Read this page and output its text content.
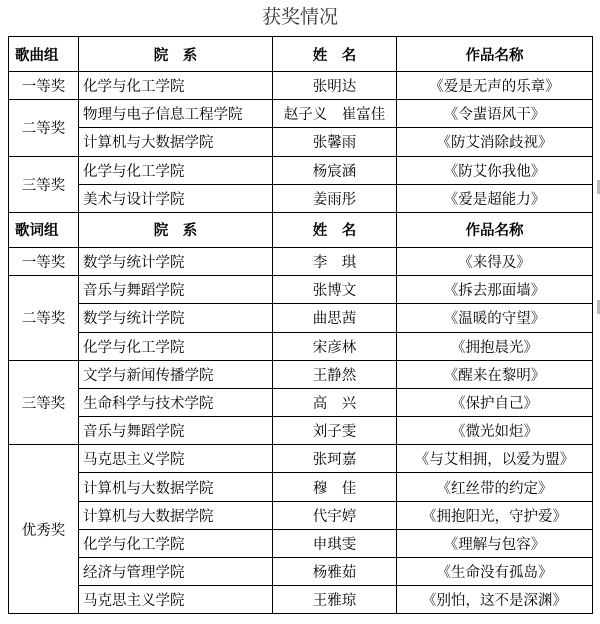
获奖情况
歌曲组	院　系	姓　名	作品名称
一等奖	化学与化工学院	张明达	《爱是无声的乐章》
二等奖	物理与电子信息工程学院	赵子义　崔富佳	《令蜚语风干》
	计算机与大数据学院	张馨雨	《防艾消除歧视》
三等奖	化学与化工学院	杨宸涵	《防艾你我他》
	美术与设计学院	姜雨彤	《爱是超能力》
歌词组	院　系	姓　名	作品名称
一等奖	数学与统计学院	李　琪	《来得及》
二等奖	音乐与舞蹈学院	张博文	《拆去那面墙》
	数学与统计学院	曲思茜	《温暖的守望》
	化学与化工学院	宋彦林	《拥抱晨光》
三等奖	文学与新闻传播学院	王静然	《醒来在黎明》
	生命科学与技术学院	高　兴	《保护自己》
	音乐与舞蹈学院	刘子雯	《微光如炬》
优秀奖	马克思主义学院	张珂嘉	《与艾相拥，以爱为盟》
	计算机与大数据学院	穆　佳	《红丝带的约定》
	计算机与大数据学院	代宇婷	《拥抱阳光，守护爱》
	化学与化工学院	申琪雯	《理解与包容》
	经济与管理学院	杨雅茹	《生命没有孤岛》
	马克思主义学院	王雅琼	《别怕，这不是深渊》
